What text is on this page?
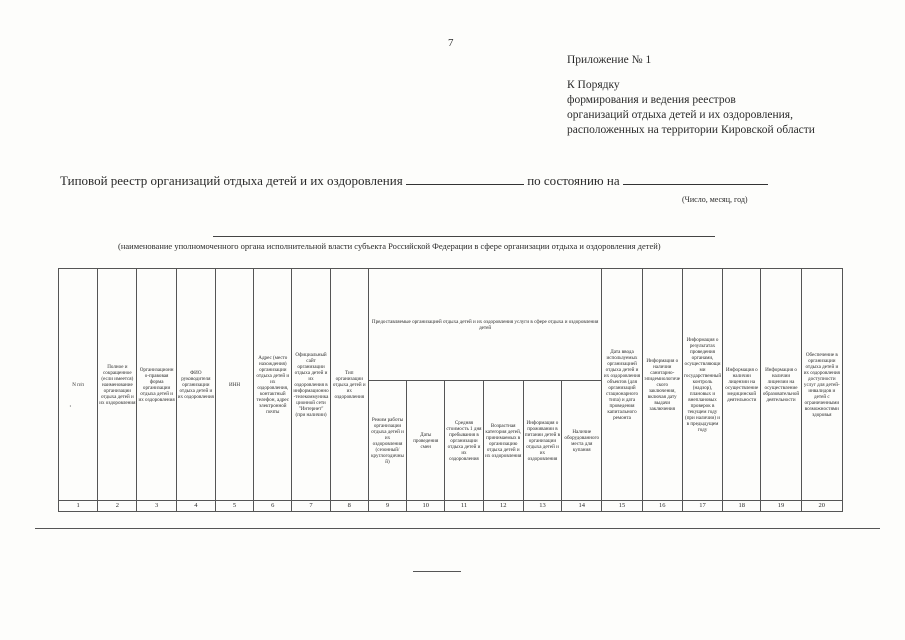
7
Приложение № 1
К Порядку
формирования и ведения реестров
организаций отдыха детей и их оздоровления,
расположенных на территории Кировской области
Типовой реестр организаций отдыха детей и их оздоровления	по состоянию на
(Число, месяц, год)
(наименование уполномоченного органа исполнительной власти субъекта Российской Федерации в сфере организации отдыха и оздоровления детей)
N п/п	Полное и сокращенное (если имеется) наименование организации отдыха детей и их оздоровления	Организационно-правовая форма организации отдыха детей и их оздоровления	ФИО руководителя организации отдыха детей и их оздоровления	ИНН	Адрес (место нахождения) организации отдыха детей и их оздоровления, контактный телефон, адрес электронной почты	Официальный сайт организации отдыха детей и их оздоровления в информационно-телекоммуникационной сети "Интернет" (при наличии)	Тип организации отдыха детей и их оздоровления	Предоставляемые организацией отдыха детей и их оздоровления услуги в сфере отдыха и оздоровления детей						Дата ввода используемых организацией отдыха детей и их оздоровления объектов (для организаций стационарного типа) и дата проведения капитального ремонта	Информация о наличии санитарно-эпидемиологического заключения, включая дату выдачи заключения	Информация о результатах проведения органами, осуществляющими государственный контроль (надзор), плановых и внеплановых проверок в текущем году (при наличии) и в предыдущем году	Информация о наличии лицензии на осуществление медицинской деятельности	Информация о наличии лицензии на осуществление образовательной деятельности	Обеспечение в организации отдыха детей и их оздоровления доступности услуг для детей-инвалидов и детей с ограниченными возможностями здоровья
								Режим работы организации отдыха детей и их оздоровления (сезонный/круглогодичный)	Даты проведения смен	Средняя стоимость 1 дня пребывания в организации отдыха детей и их оздоровления	Возрастная категория детей, принимаемых в организацию отдыха детей и их оздоровления	Информация о проживании в питании детей в организации отдыха детей и их оздоровления	Наличие оборудованного места для купания						
1	2	3	4	5	6	7	8	9	10	11	12	13	14	15	16	17	18	19	20
·
